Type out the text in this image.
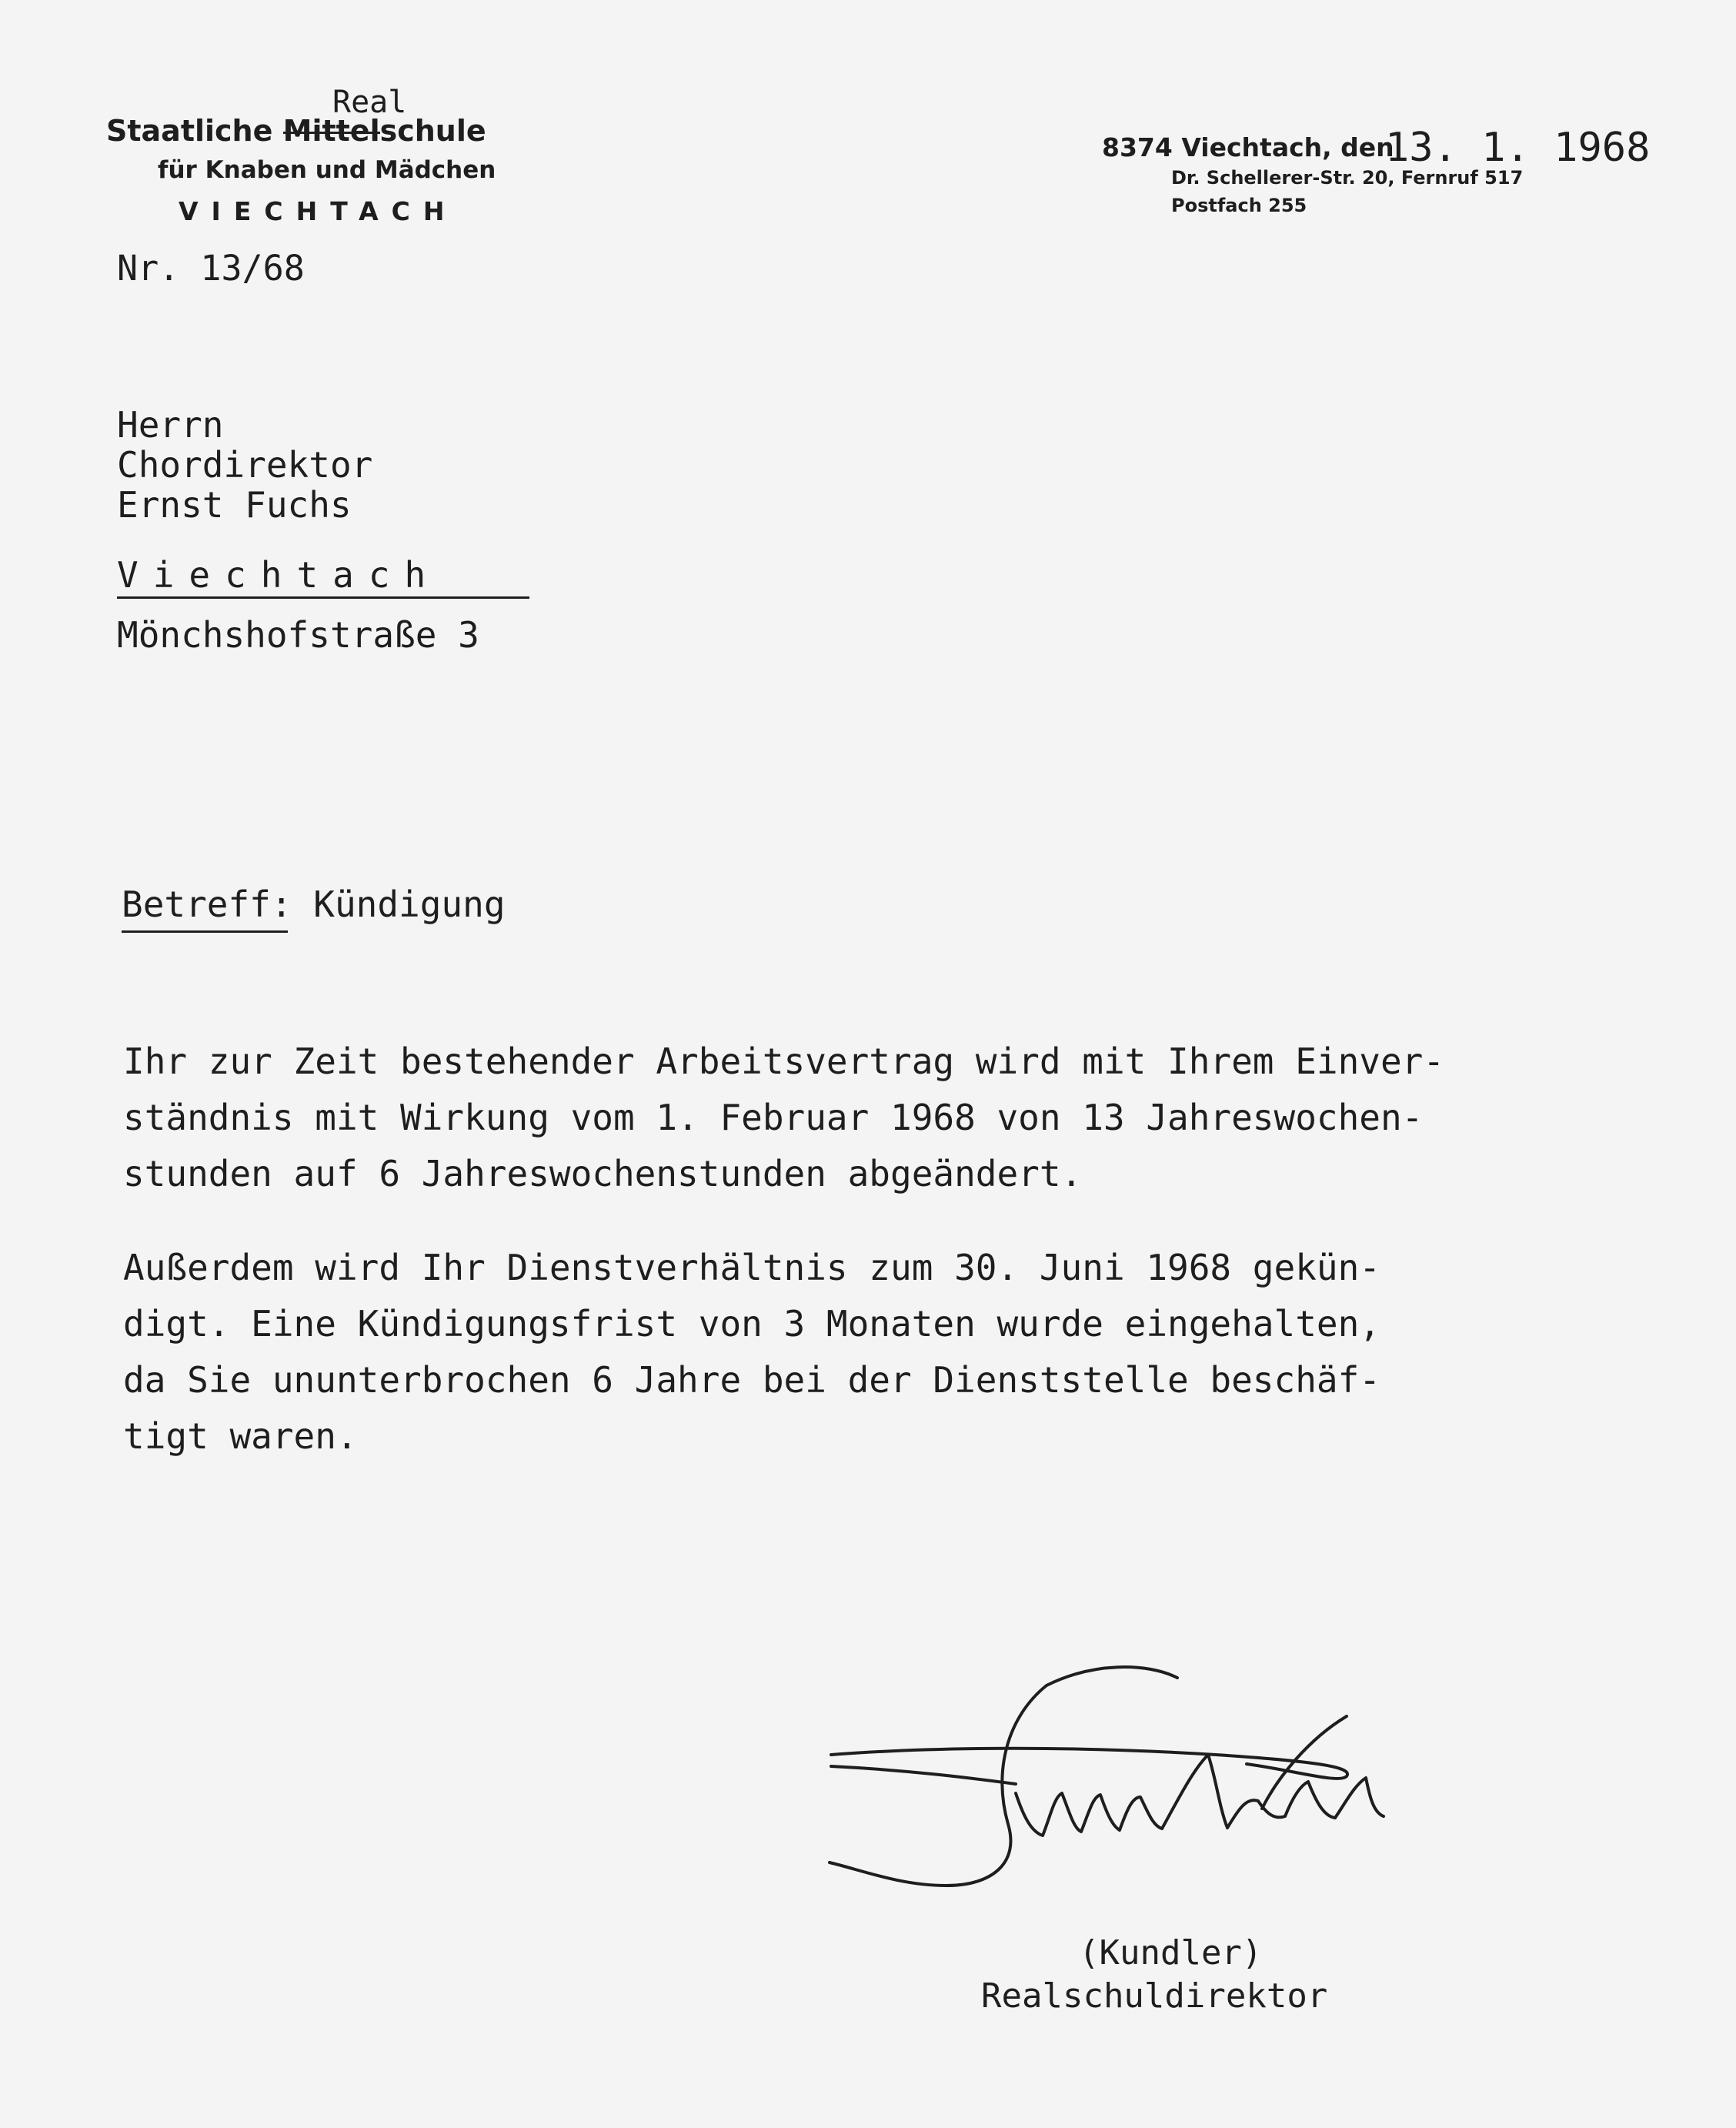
Real
Staatliche Mittelschule
für Knaben und Mädchen
VIECHTACH
Nr. 13/68
8374 Viechtach, den
13. 1. 1968
Dr. Schellerer-Str. 20, Fernruf 517
Postfach 255
Herrn
Chordirektor
Ernst Fuchs
Viechtach
Mönchshofstraße 3
Betreff: Kündigung
Ihr zur Zeit bestehender Arbeitsvertrag wird mit Ihrem Einver-
ständnis mit Wirkung vom 1. Februar 1968 von 13 Jahreswochen-
stunden auf 6 Jahreswochenstunden abgeändert.
Außerdem wird Ihr Dienstverhältnis zum 30. Juni 1968 gekün-
digt. Eine Kündigungsfrist von 3 Monaten wurde eingehalten,
da Sie ununterbrochen 6 Jahre bei der Dienststelle beschäf-
tigt waren.
(Kundler)
Realschuldirektor
